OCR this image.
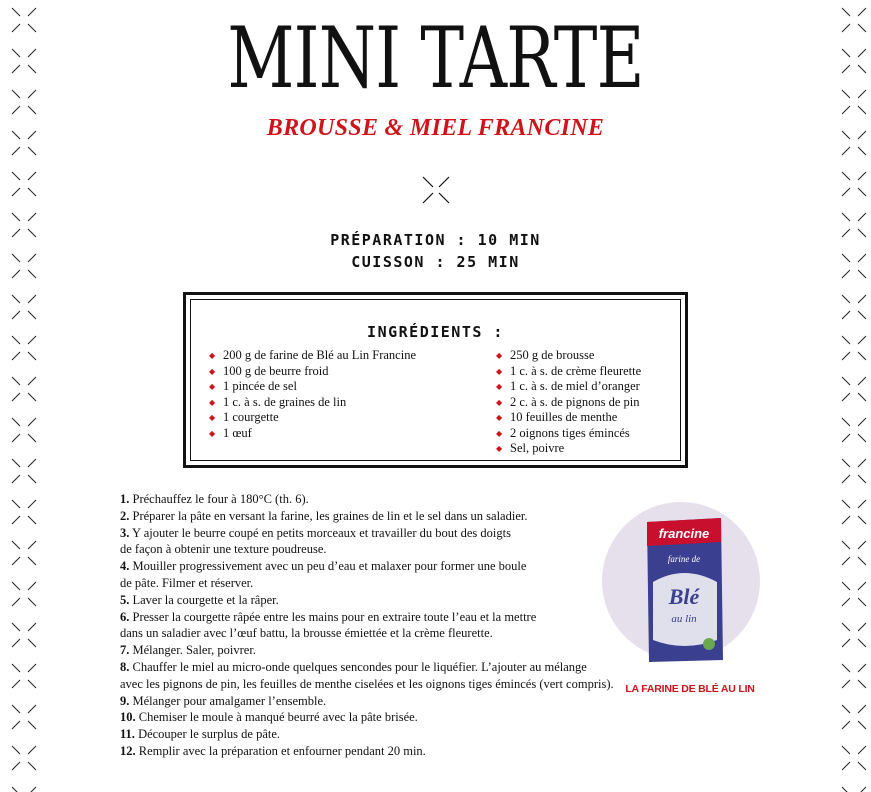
MINI TARTE
BROUSSE & MIEL FRANCINE
PRÉPARATION : 10 MIN
CUISSON : 25 MIN
INGRÉDIENTS :
◆ 200 g de farine de Blé au Lin Francine
◆ 100 g de beurre froid
◆ 1 pincée de sel
◆ 1 c. à s. de graines de lin
◆ 1 courgette
◆ 1 œuf
◆ 250 g de brousse
◆ 1 c. à s. de crème fleurette
◆ 1 c. à s. de miel d’oranger
◆ 2 c. à s. de pignons de pin
◆ 10 feuilles de menthe
◆ 2 oignons tiges émincés
◆ Sel, poivre
1. Préchauffez le four à 180°C (th. 6).
2. Préparer la pâte en versant la farine, les graines de lin et le sel dans un saladier.
3. Y ajouter le beurre coupé en petits morceaux et travailler du bout des doigts
de façon à obtenir une texture poudreuse.
4. Mouiller progressivement avec un peu d’eau et malaxer pour former une boule
de pâte. Filmer et réserver.
5. Laver la courgette et la râper.
6. Presser la courgette râpée entre les mains pour en extraire toute l’eau et la mettre
dans un saladier avec l’œuf battu, la brousse émiettée et la crème fleurette.
7. Mélanger. Saler, poivrer.
8. Chauffer le miel au micro-onde quelques sencondes pour le liquéfier. L’ajouter au mélange
avec les pignons de pin, les feuilles de menthe ciselées et les oignons tiges émincés (vert compris).
9. Mélanger pour amalgamer l’ensemble.
10. Chemiser le moule à manqué beurré avec la pâte brisée.
11. Découper le surplus de pâte.
12. Remplir avec la préparation et enfourner pendant 20 min.
francine
farine de
Blé
au lin
LA FARINE DE BLÉ AU LIN
